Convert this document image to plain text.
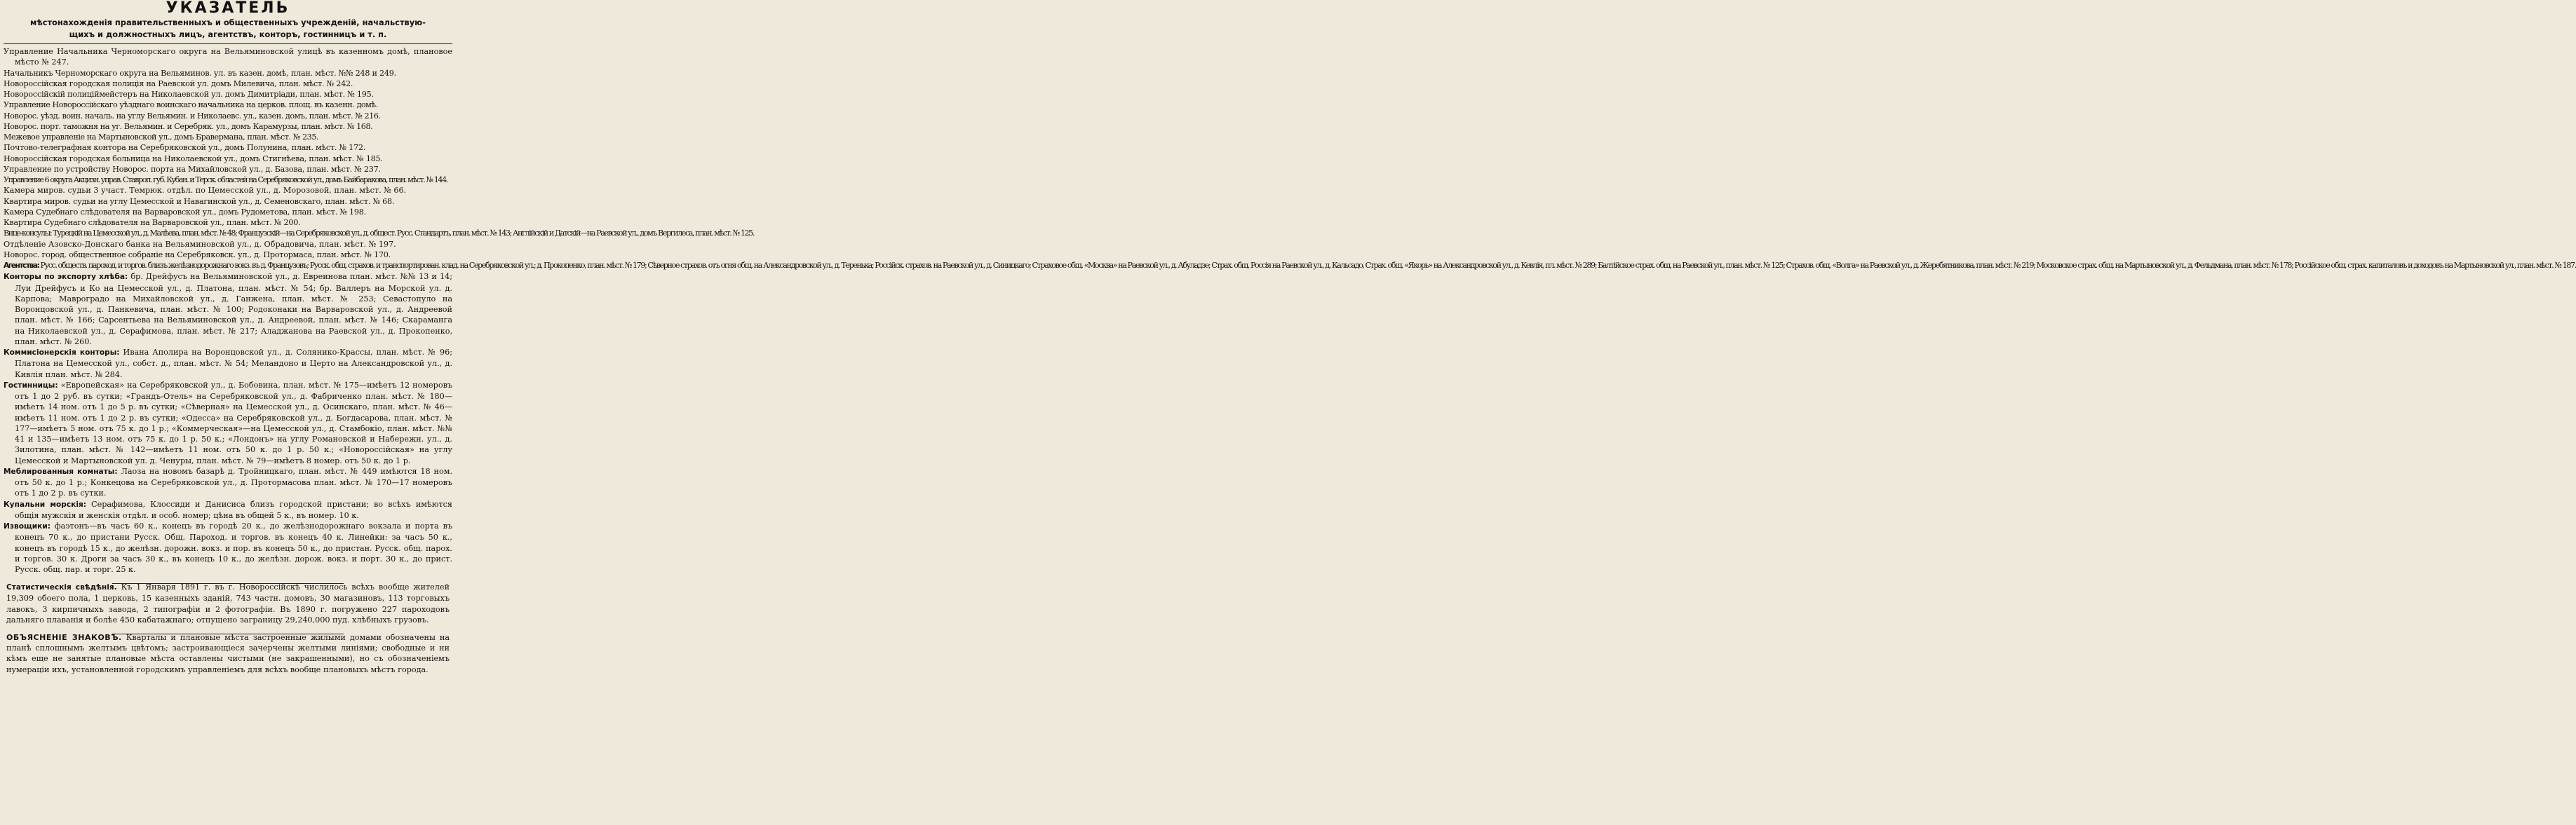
УКАЗАТЕЛЬ
мѣстонахожденія правительственныхъ и общественныхъ учрежденій, начальствую-
щихъ и должностныхъ лицъ, агентствъ, конторъ, гостинницъ и т. п.

Управление Начальника Черноморскаго округа на Вельяминовской улицѣ въ казенномъ домѣ, плановое мѣсто № 247.

Начальникъ Черноморскаго округа на Вельяминов. ул. въ казен. домѣ, план. мѣст. №№ 248 и 249.

Новороссійская городская полиція на Раевской ул. домъ Милевича, план. мѣст. № 242.

Новороссійскій полиціймейстеръ на Николаевской ул. домъ Димитріади, план. мѣст. № 195.

Управление Новороссійскаго уѣзднаго воинскаго начальника на церков. площ. въ казенн. домѣ.

Новорос. уѣзд. воин. началь. на углу Вельямин. и Николаевс. ул., казен. домъ, план. мѣст. № 216.

Новорос. порт. таможня на уг. Вельямин. и Серебряк. ул., домъ Карамурзы, план. мѣст. № 168.

Межевое управленіе на Мартыновской ул., домъ Бравермана, план. мѣст. № 235.

Почтово-телеграфная контора на Серебряковской ул., домъ Полунина, план. мѣст. № 172.

Новороссійская городская больница на Николаевской ул., домъ Стигнѣева, план. мѣст. № 185.

Управление по устройству Новорос. порта на Михайловской ул., д. Базова, план. мѣст. № 237.

Управление 6 округа Акцизн. управ. Ставроп. губ. Кубан. и Терск. областей на Серебряковской ул., домъ Байбаракова, план. мѣст. № 144.

Камера миров. судьи 3 участ. Темрюк. отдѣл. по Цемесской ул., д. Морозовой, план. мѣст. № 66.

Квартира миров. судьи на углу Цемесской и Навагинской ул., д. Семеновскаго, план. мѣст. № 68.

Камера Судебнаго слѣдователя на Варваровской ул., домъ Рудометова, план. мѣст. № 198.

Квартира Судебнаго слѣдователя на Варваровской ул., план. мѣст. № 200.

Вице-консулы: Турецкій на Цемесской ул., д. Малѣева, план. мѣст. № 48; Французскій—на Серебряковской ул., д. общест. Русс. Стандартъ, план. мѣст. № 143; Англійскій и Датскій—на Раевской ул., домъ Вергилеса, план. мѣст. № 125.

Отдѣленіе Азовско-Донскаго банка на Вельяминовской ул., д. Обрадовича, план. мѣст. № 197.

Новорос. город. общественное собраніе на Серебряковск. ул., д. Протормаса, план. мѣст. № 170.

Агентства: Русс. обществ. пароход. и торгов. близъ желѣзнодорожнаго вокз. въ д. Французовъ; Русск. общ. страхов. и транспортирован. клад. на Серебряковской ул.; д. Прокопенко, план. мѣст. № 179; Сѣверное страхов. отъ огня общ. на Александровской ул., д. Теренька; Россійск. страхов. на Раевской ул., д. Синицкаго; Страховое общ. «Москва» на Раевской ул., д. Абуладзе; Страх. общ. Россія на Раевской ул., д. Кальсадо, Страх. общ. «Якорь» на Александровской ул., д. Кевлія, пл. мѣст. № 289; Балтійское страх. общ. на Раевской ул., план. мѣст. № 125; Страхов. общ. «Волга» на Раевской ул., д. Жеребятникова, план. мѣст. № 219; Московское страх. общ. на Мартыновской ул., д. Фельдмана, план. мѣст. № 178; Россійское общ. страх. капиталовъ и доходовъ на Мартыновской ул., план. мѣст. № 187.

Конторы по экспорту хлѣба: бр. Дрейфусъ на Вельяминовской ул., д. Евреинова план. мѣст. №№ 13 и 14; Луи Дрейфусъ и Ко на Цемесской ул., д. Платона, план. мѣст. № 54; бр. Валлеръ на Морской ул. д. Карпова; Мавроградо на Михайловской ул., д. Ганжена, план. мѣст. № 253; Севастопуло на Воронцовской ул., д. Панкевича, план. мѣст. № 100; Родоконаки на Варваровской ул., д. Андреевой план. мѣст. № 166; Сарсентьева на Вельяминовской ул., д. Андреевой, план. мѣст. № 146; Скараманга на Николаевской ул., д. Серафимова, план. мѣст. № 217; Аладжанова на Раевской ул., д. Прокопенко, план. мѣст. № 260.

Коммисіонерскія конторы: Ивана Аполира на Воронцовской ул., д. Солянико-Красcы, план. мѣст. № 96; Платона на Цемесской ул., собст. д., план. мѣст. № 54; Меландоно и Церто на Александровской ул., д. Кивлія план. мѣст. № 284.

Гостинницы: «Европейская» на Серебряковской ул., д. Бобовина, план. мѣст. № 175—имѣетъ 12 номеровъ отъ 1 до 2 руб. въ сутки; «Грандъ-Отель» на Серебряковской ул., д. Фабриченко план. мѣст. № 180—имѣетъ 14 ном. отъ 1 до 5 р. въ сутки; «Сѣверная» на Цемесской ул., д. Осинскаго, план. мѣст. № 46—имѣетъ 11 ном. отъ 1 до 2 р. въ сутки; «Одесса» на Серебряковской ул., д. Богдасарова, план. мѣст. № 177—имѣетъ 5 ном. отъ 75 к. до 1 р.; «Коммерческая»—на Цемесской ул., д. Стамбокіо, план. мѣст. №№ 41 и 135—имѣетъ 13 ном. отъ 75 к. до 1 р. 50 к.; «Лондонъ» на углу Романовской и Набережн. ул., д. Зилотина, план. мѣст. № 142—имѣетъ 11 ном. отъ 50 к. до 1 р. 50 к.; «Новороссійская» на углу Цемесской и Мартыновской ул. д. Ченуры, план. мѣст. № 79—имѣетъ 8 номер. отъ 50 к. до 1 р.

Меблированныя комнаты: Лаоза на новомъ базарѣ д. Тройницкаго, план. мѣст. № 449 имѣются 18 ном. отъ 50 к. до 1 р.; Конкецова на Серебряковской ул., д. Протормасова план. мѣст. № 170—17 номеровъ отъ 1 до 2 р. въ сутки.

Купальни морскія: Серафимова, Клоссиди и Данисиса близъ городской пристани; во всѣхъ имѣются общія мужскія и женскія отдѣл. и особ. номер; цѣна въ общей 5 к., въ номер. 10 к.

Извощики: фаэтонъ—въ часъ 60 к., конецъ въ городѣ 20 к., до желѣзнодорожнаго вокзала и порта въ конецъ 70 к., до пристани Русск. Общ. Пароход. и торгов. въ конецъ 40 к. Линейки: за часъ 50 к., конецъ въ городѣ 15 к., до желѣзн. дорожн. вокз. и пор. въ конецъ 50 к., до пристан. Русск. общ. парох. и торгов. 30 к. Дроги за часъ 30 к., въ конецъ 10 к., до желѣзн. дорож. вокз. и порт. 30 к., до прист. Русск. общ. пар. и торг. 25 к.

Статистическія свѣдѣнія. Къ 1 Января 1891 г. въ г. Новороссійскѣ числилось всѣхъ вообще жителей 19,309 обоего пола, 1 церковь, 15 казенныхъ зданій, 743 частн. домовъ, 30 магазиновъ, 113 торговыхъ лавокъ, 3 кирпичныхъ завода, 2 типографіи и 2 фотографіи. Въ 1890 г. погружено 227 пароходовъ дальняго плаванія и болѣе 450 кабатажнаго; отпущено заграницу 29,240,000 пуд. хлѣбныхъ грузовъ.

ОБЪЯСНЕНІЕ ЗНАКОВЪ. Кварталы и плановые мѣста застроенные жилыми домами обозначены на планѣ сплошнымъ желтымъ цвѣтомъ; застроивающіеся зачерчены желтыми линіями; свободные и ни кѣмъ еще не занятые плановые мѣста оставлены чистыми (не закрашенными), но съ обозначеніемъ нумераціи ихъ, установленной городскимъ управленіемъ для всѣхъ вообще плановыхъ мѣстъ города.
